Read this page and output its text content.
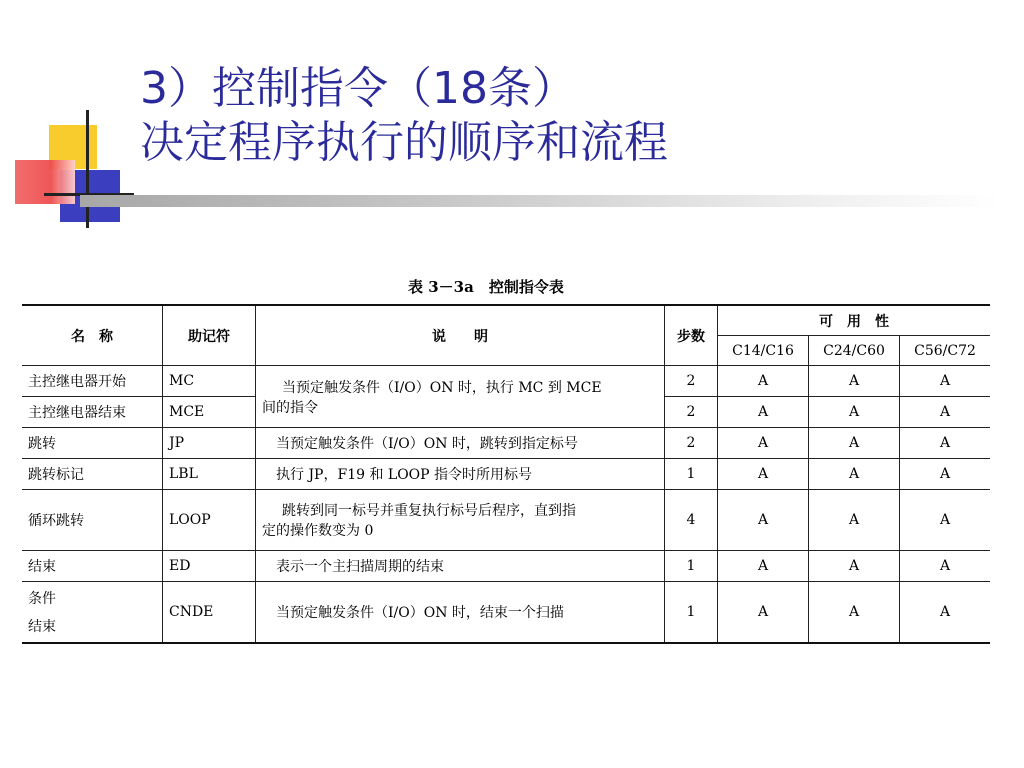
3）控制指令（18条）
决定程序执行的顺序和流程
表 3－3a　控制指令表
名　称	助记符	说　　明	步数	可　用　性		
				C14/C16	C24/C60	C56/C72
主控继电器开始	MC	当预定触发条件（I/O）ON 时，执行 MC 到 MCE
间的指令	2	A	A	A
主控继电器结束	MCE		2	A	A	A
跳转	JP	当预定触发条件（I/O）ON 时，跳转到指定标号	2	A	A	A
跳转标记	LBL	执行 JP，F19 和 LOOP 指令时所用标号	1	A	A	A
循环跳转	LOOP	跳转到同一标号并重复执行标号后程序，直到指
定的操作数变为 0	4	A	A	A
结束	ED	表示一个主扫描周期的结束	1	A	A	A

条件
结束	CNDE	当预定触发条件（I/O）ON 时，结束一个扫描	1	A	A	A
